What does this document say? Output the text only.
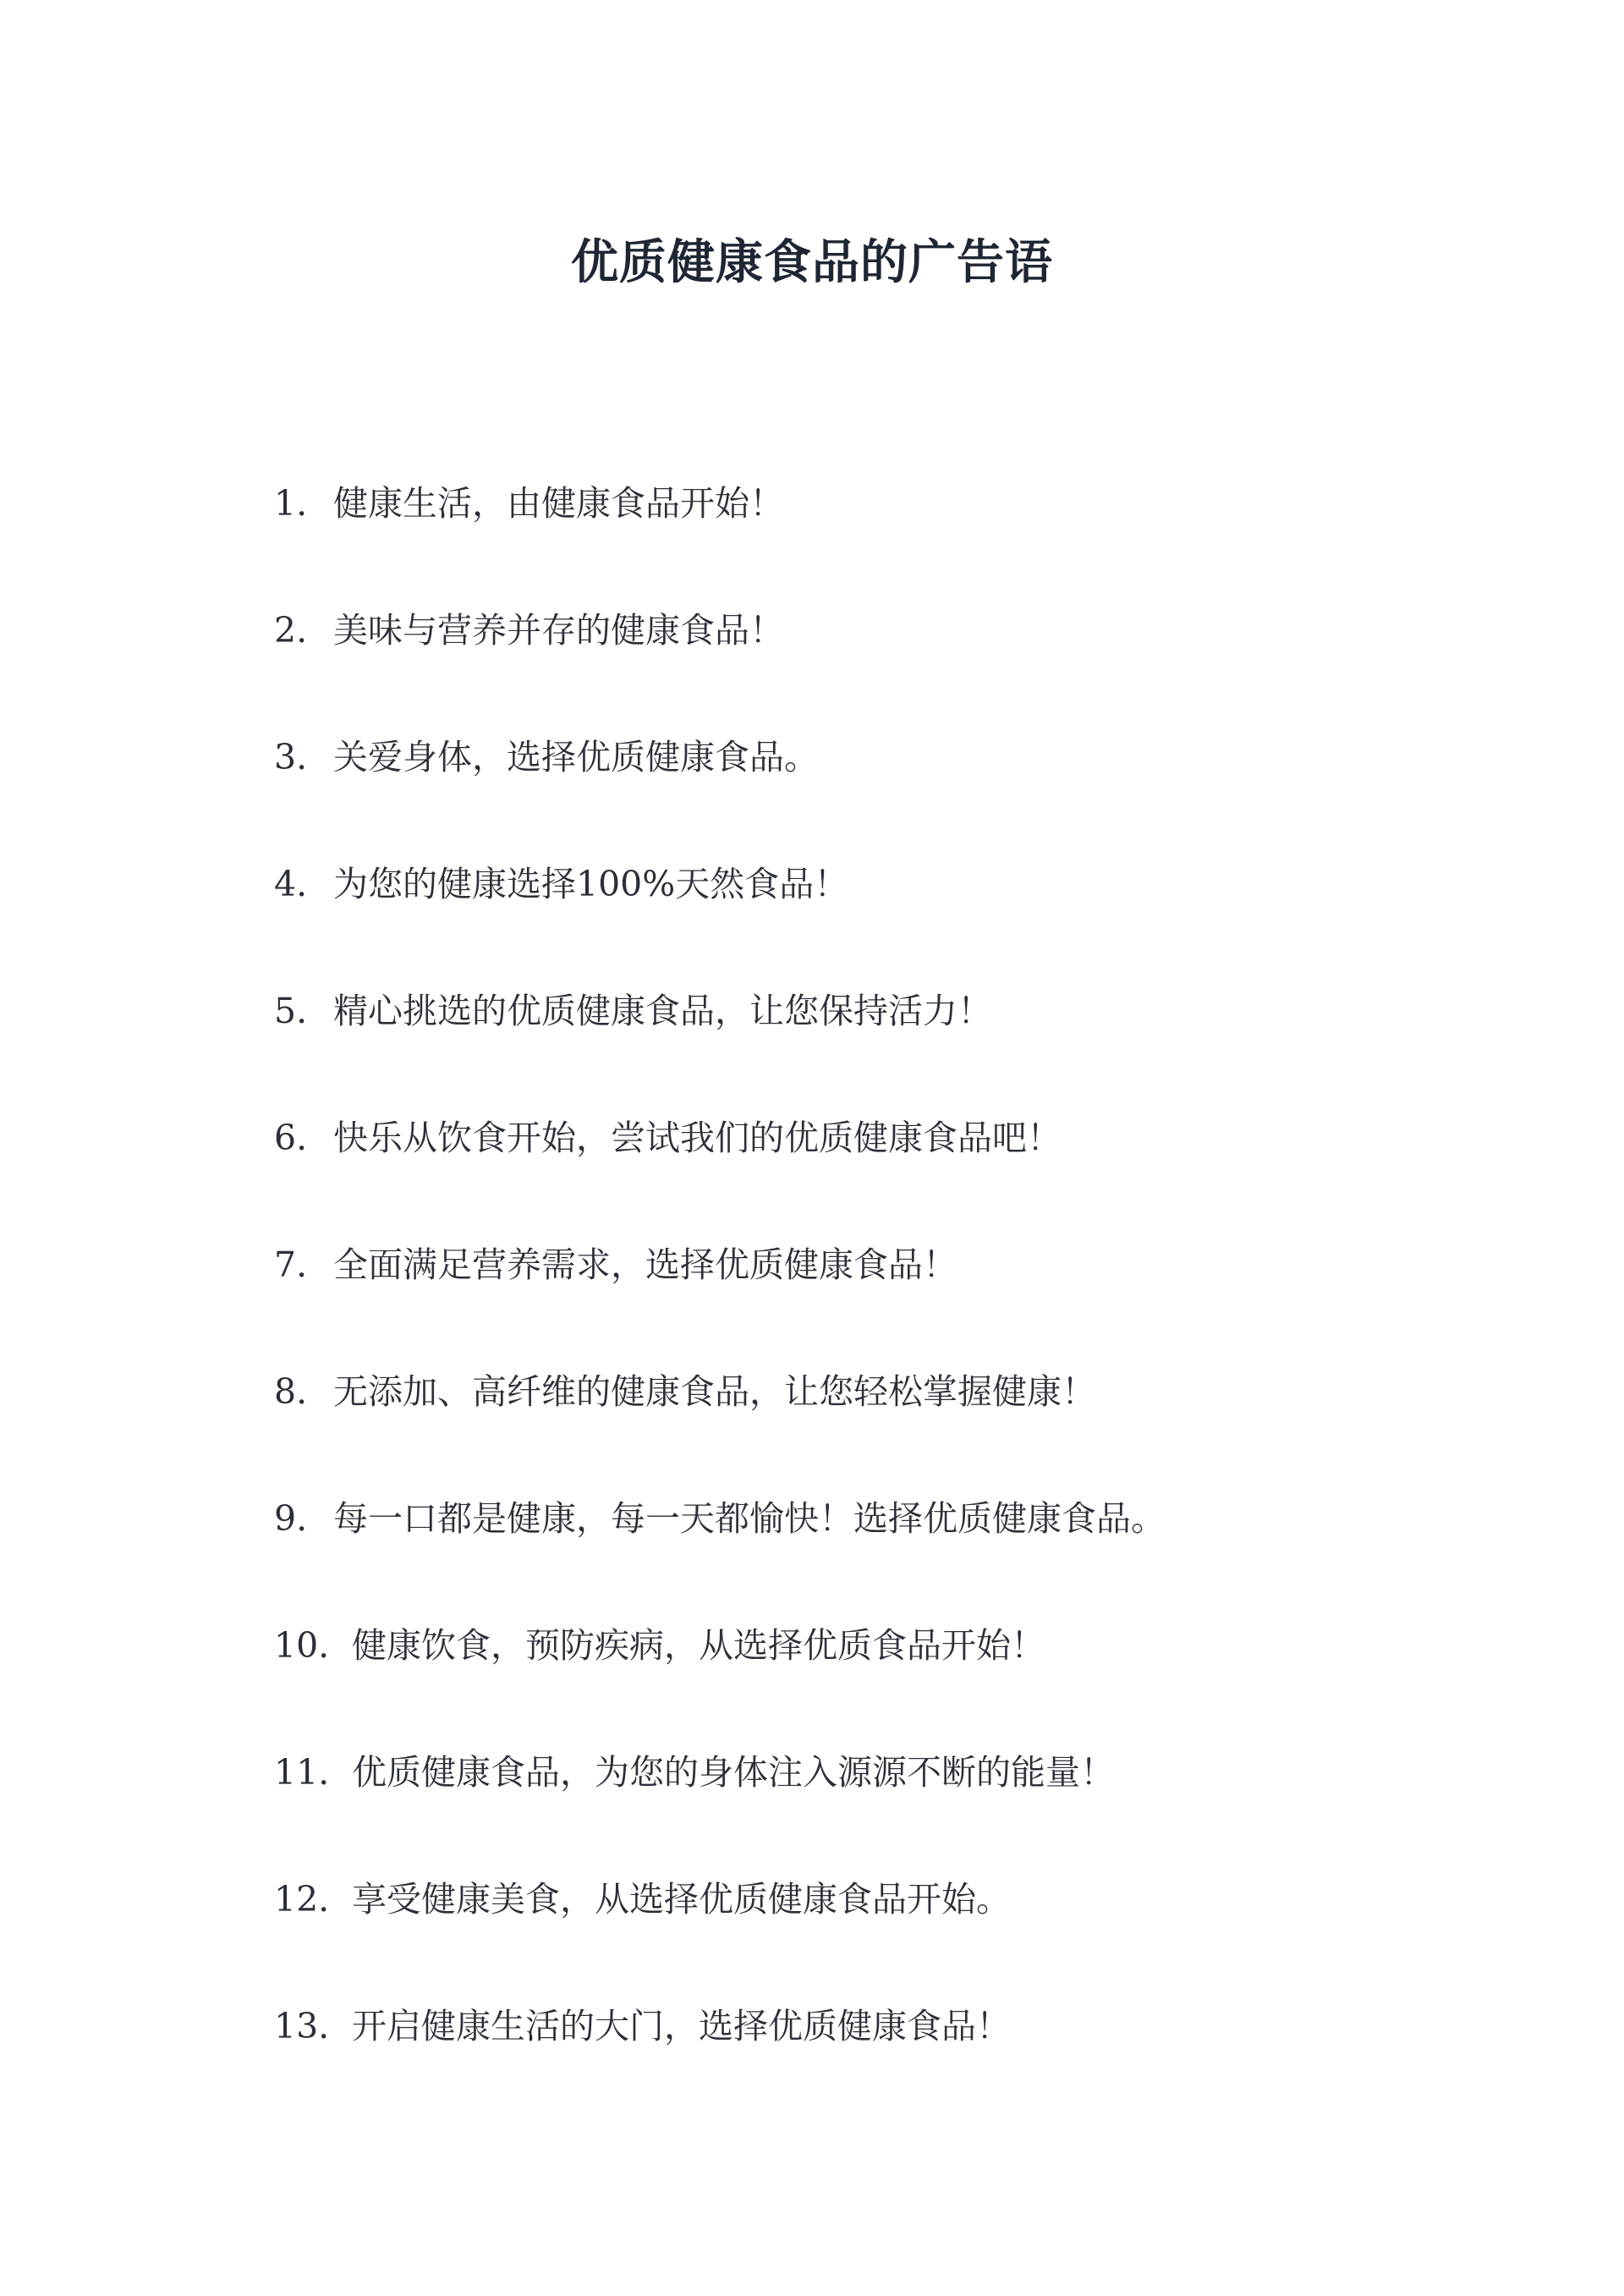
优质健康食品的广告语
1. 健康生活，由健康食品开始！
2. 美味与营养并存的健康食品！
3. 关爱身体，选择优质健康食品。
4. 为您的健康选择100%天然食品！
5. 精心挑选的优质健康食品，让您保持活力！
6. 快乐从饮食开始，尝试我们的优质健康食品吧！
7. 全面满足营养需求，选择优质健康食品！
8. 无添加、高纤维的健康食品，让您轻松掌握健康！
9. 每一口都是健康，每一天都愉快！选择优质健康食品。
10. 健康饮食，预防疾病，从选择优质食品开始！
11. 优质健康食品，为您的身体注入源源不断的能量！
12. 享受健康美食，从选择优质健康食品开始。
13. 开启健康生活的大门，选择优质健康食品！
